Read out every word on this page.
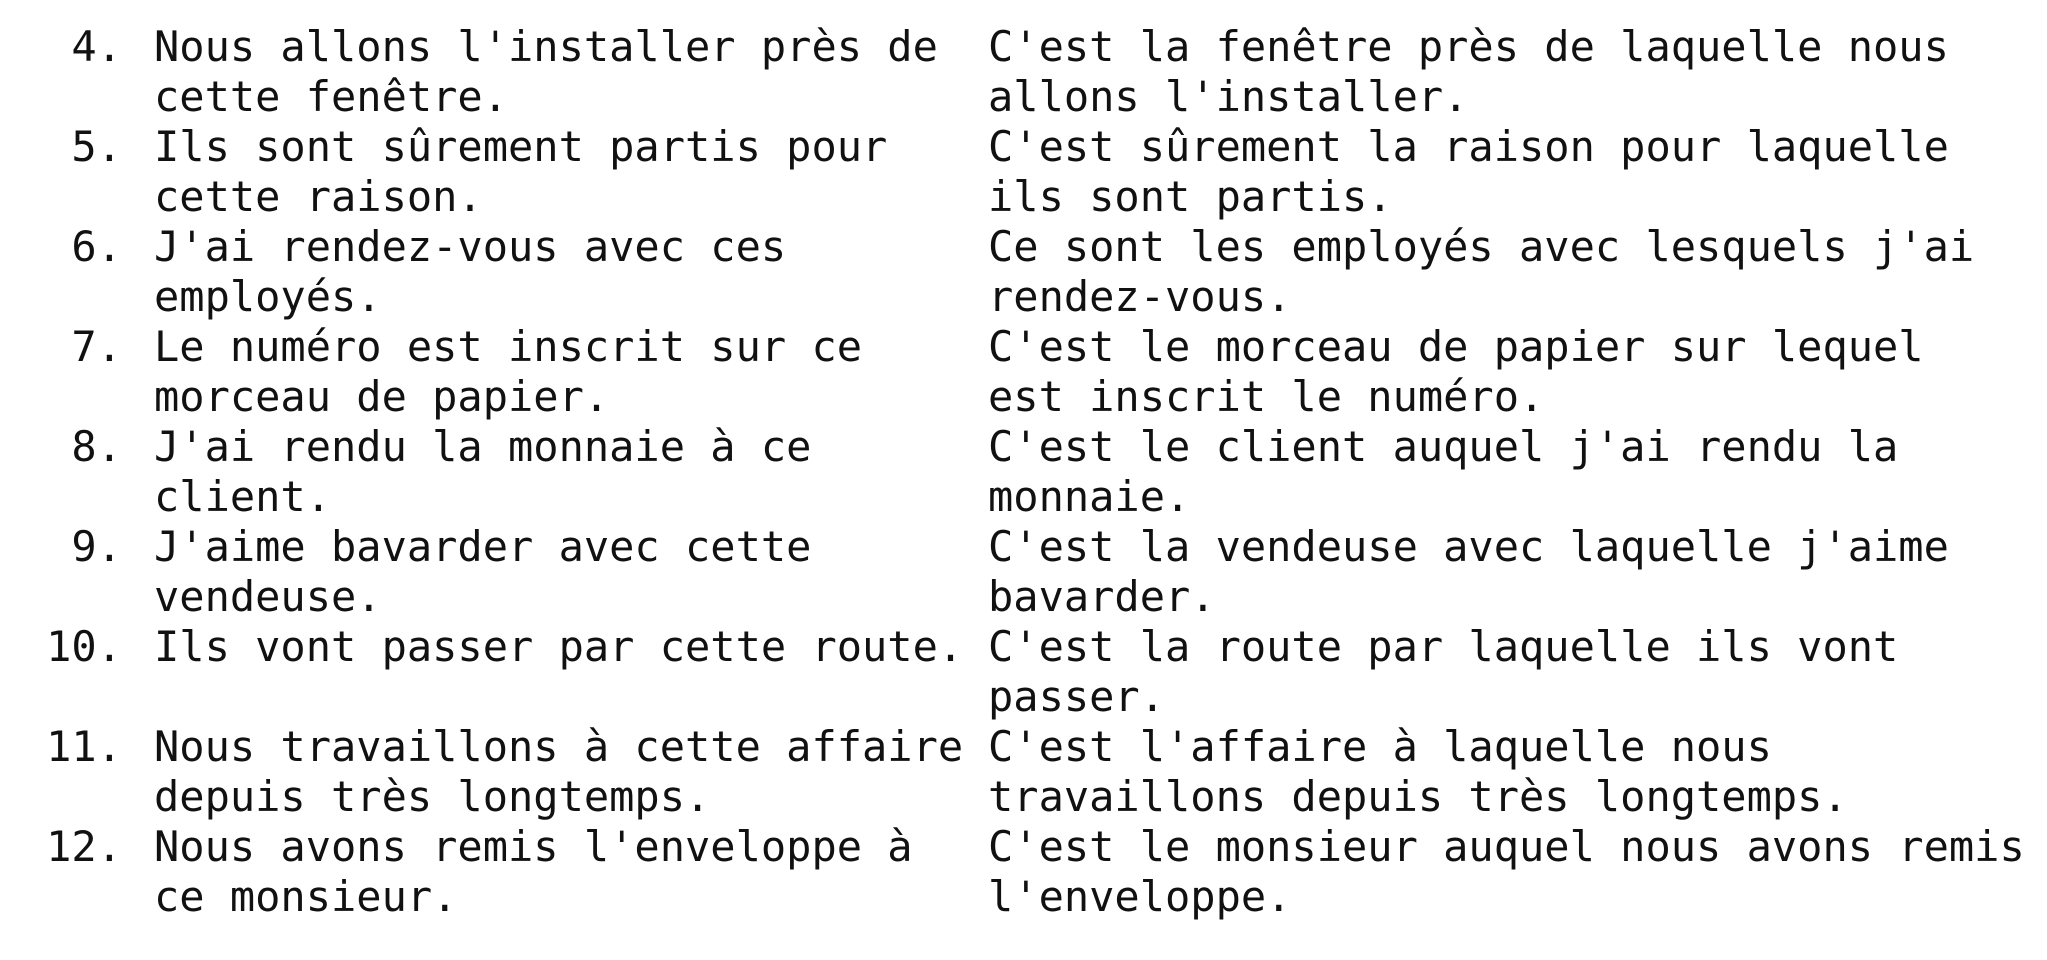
4. Nous allons l'installer près de
cette fenêtre.
C'est la fenêtre près de laquelle nous
allons l'installer.
5. Ils sont sûrement partis pour
cette raison.
C'est sûrement la raison pour laquelle
ils sont partis.
6. J'ai rendez-vous avec ces
employés.
Ce sont les employés avec lesquels j'ai
rendez-vous.
7. Le numéro est inscrit sur ce
morceau de papier.
C'est le morceau de papier sur lequel
est inscrit le numéro.
8. J'ai rendu la monnaie à ce
client.
C'est le client auquel j'ai rendu la
monnaie.
9. J'aime bavarder avec cette
vendeuse.
C'est la vendeuse avec laquelle j'aime
bavarder.
10. Ils vont passer par cette route. C'est la route par laquelle ils vont
passer.
11. Nous travaillons à cette affaire
depuis très longtemps.
C'est l'affaire à laquelle nous
travaillons depuis très longtemps.
12. Nous avons remis l'enveloppe à
ce monsieur.
C'est le monsieur auquel nous avons remis
l'enveloppe.
